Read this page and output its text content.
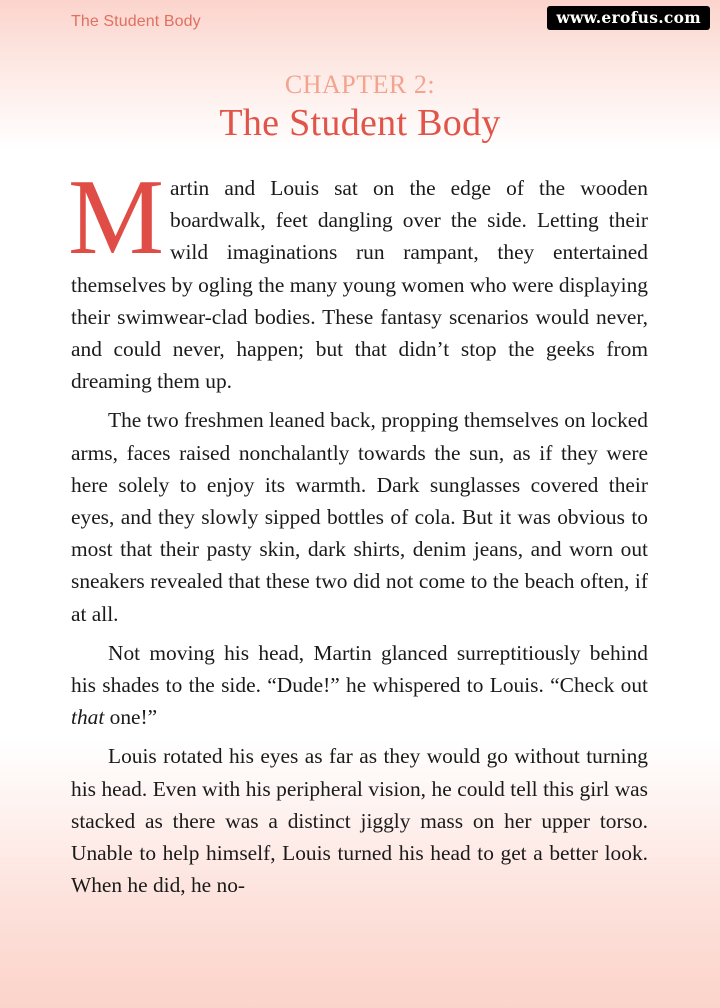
The Student Body	www.erofus.com
CHAPTER 2:
The Student Body

Martin and Louis sat on the edge of the wooden boardwalk, feet dangling over the side. Letting their wild imaginations run rampant, they entertained themselves by ogling the many young women who were displaying their swimwear-clad bodies. These fantasy scenarios would never, and could never, happen; but that didn’t stop the geeks from dreaming them up.

The two freshmen leaned back, propping themselves on locked arms, faces raised nonchalantly towards the sun, as if they were here solely to enjoy its warmth. Dark sunglasses covered their eyes, and they slowly sipped bottles of cola. But it was obvious to most that their pasty skin, dark shirts, denim jeans, and worn out sneakers revealed that these two did not come to the beach often, if at all.

Not moving his head, Martin glanced surreptitiously behind his shades to the side. “Dude!” he whispered to Louis. “Check out that one!”

Louis rotated his eyes as far as they would go without turning his head. Even with his peripheral vision, he could tell this girl was stacked as there was a distinct jiggly mass on her upper torso. Unable to help himself, Louis turned his head to get a better look. When he did, he no-
